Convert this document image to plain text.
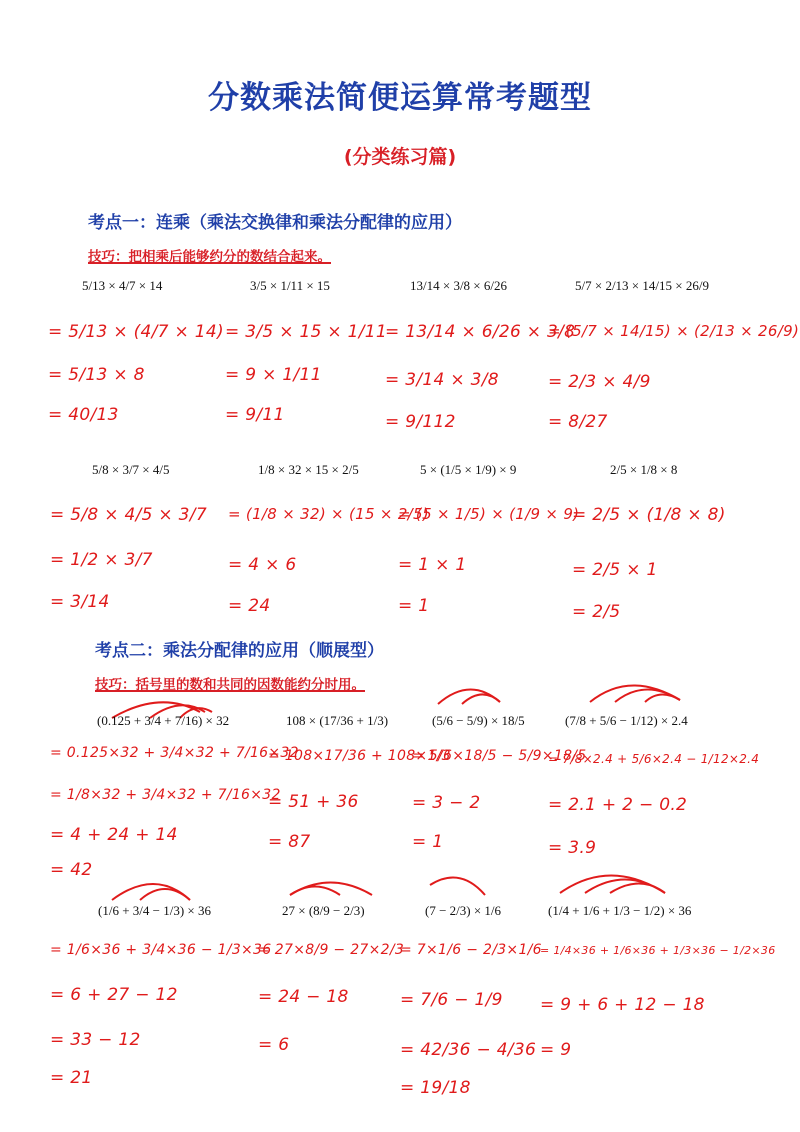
分数乘法简便运算常考题型
(分类练习篇)
考点一：连乘（乘法交换律和乘法分配律的应用）
技巧：把相乘后能够约分的数结合起来。
5/13 × 4/7 × 14
= 5/13 × (4/7 × 14)
= 5/13 × 8
= 40/13
3/5 × 1/11 × 15
= 3/5 × 15 × 1/11
= 9 × 1/11
= 9/11
13/14 × 3/8 × 6/26
= 13/14 × 6/26 × 3/8
= 3/14 × 3/8
= 9/112
5/7 × 2/13 × 14/15 × 26/9
= (5/7 × 14/15) × (2/13 × 26/9)
= 2/3 × 4/9
= 8/27
5/8 × 3/7 × 4/5
= 5/8 × 4/5 × 3/7
= 1/2 × 3/7
= 3/14
1/8 × 32 × 15 × 2/5
= (1/8 × 32) × (15 × 2/5)
= 4 × 6
= 24
5 × (1/5 × 1/9) × 9
= (5 × 1/5) × (1/9 × 9)
= 1 × 1
= 1
2/5 × 1/8 × 8
= 2/5 × (1/8 × 8)
= 2/5 × 1
= 2/5
考点二：乘法分配律的应用（顺展型）
技巧：括号里的数和共同的因数能约分时用。
(0.125 + 3/4 + 7/16) × 32
= 0.125×32 + 3/4×32 + 7/16×32
= 1/8×32 + 3/4×32 + 7/16×32
= 4 + 24 + 14
= 42
108 × (17/36 + 1/3)
= 108×17/36 + 108×1/3
= 51 + 36
= 87
(5/6 − 5/9) × 18/5
= 5/6×18/5 − 5/9×18/5
= 3 − 2
= 1
(7/8 + 5/6 − 1/12) × 2.4
= 7/8×2.4 + 5/6×2.4 − 1/12×2.4
= 2.1 + 2 − 0.2
= 3.9
(1/6 + 3/4 − 1/3) × 36
= 1/6×36 + 3/4×36 − 1/3×36
= 6 + 27 − 12
= 33 − 12
= 21
27 × (8/9 − 2/3)
= 27×8/9 − 27×2/3
= 24 − 18
= 6
(7 − 2/3) × 1/6
= 7×1/6 − 2/3×1/6
= 7/6 − 1/9
= 42/36 − 4/36
= 19/18
(1/4 + 1/6 + 1/3 − 1/2) × 36
= 1/4×36 + 1/6×36 + 1/3×36 − 1/2×36
= 9 + 6 + 12 − 18
= 9
